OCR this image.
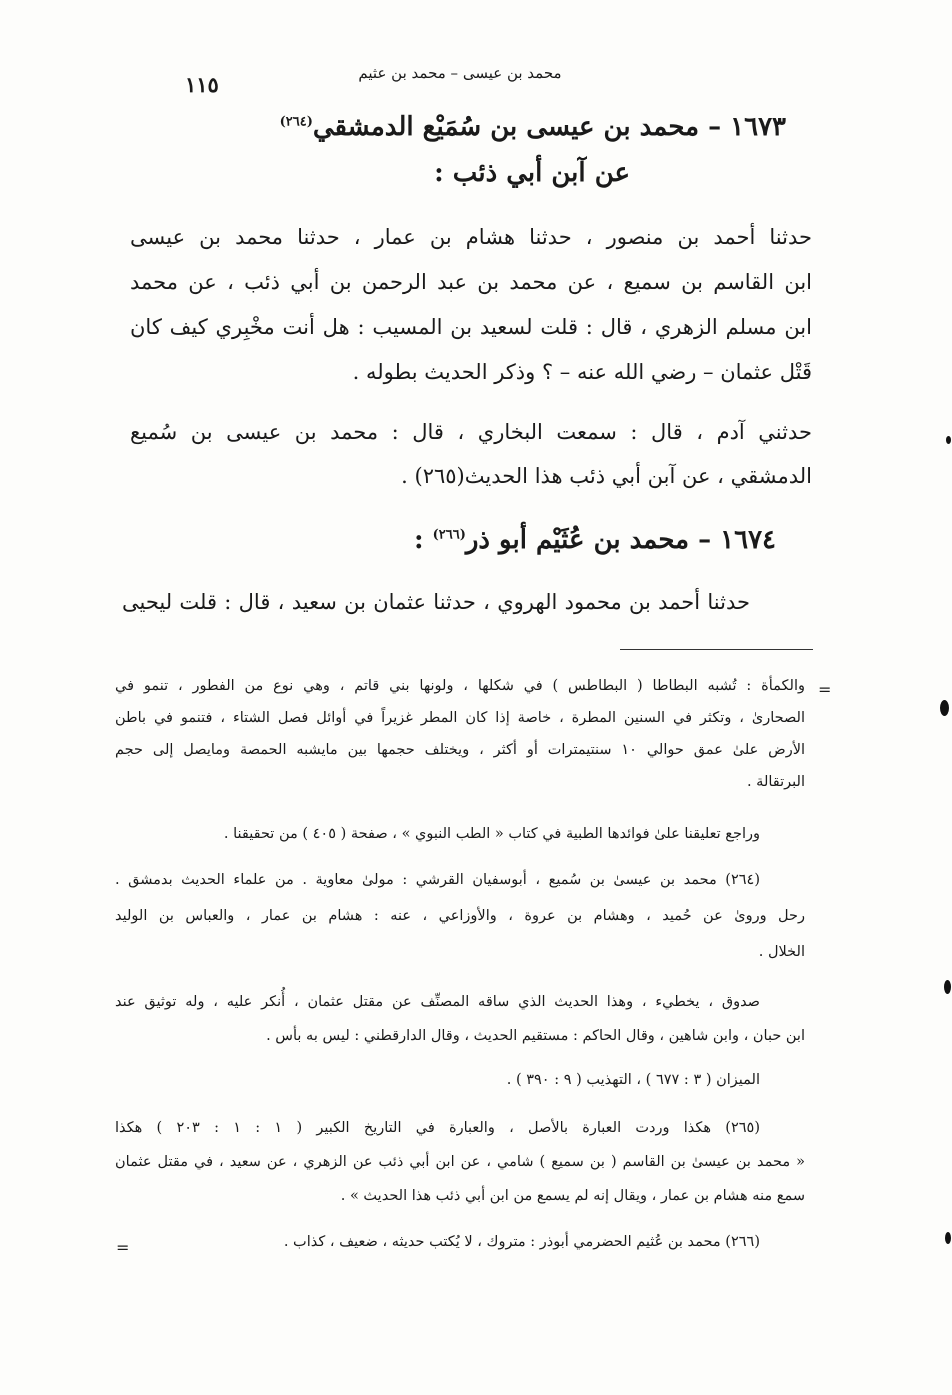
محمد بن عيسى – محمد بن عثيم
١١٥
١٦٧٣ – محمد بن عيسى بن سُمَيْع الدمشقي$^{(٢٦٤)}$
عن آبن أبي ذئب :
حدثنا أحمد بن منصور ، حدثنا هشام بن عمار ، حدثنا محمد بن عيسى
ابن القاسم بن سميع ، عن محمد بن عبد الرحمن بن أبي ذئب ، عن محمد
ابن مسلم الزهري ، قال : قلت لسعيد بن المسيب : هل أنت مخْبِري كيف كان
قَتْل عثمان – رضي الله عنه – ؟ وذكر الحديث بطوله .
حدثني آدم ، قال : سمعت البخاري ، قال : محمد بن عيسى بن سُميع
الدمشقي ، عن آبن أبي ذئب هذا الحديث(٢٦٥) .
١٦٧٤ – محمد بن عُثَيْم أبو ذر$^{(٢٦٦)}$ :
حدثنا أحمد بن محمود الهروي ، حدثنا عثمان بن سعيد ، قال : قلت ليحيى
=
والكمأة : تُشبه البطاطا ( البطاطس ) في شكلها ، ولونها بني قاتم ، وهي نوع من الفطور ، تنمو في
الصحارىٰ ، وتكثر في السنين المطرة ، خاصة إذا كان المطر غزيراً في أوائل فصل الشتاء ، فتنمو في باطن
الأرض علىٰ عمق حوالي ١٠ سنتيمترات أو أكثر ، ويختلف حجمها بين مايشبه الحمصة ومايصل إلى حجم
البرتقالة .
وراجع تعليقنا علىٰ فوائدها الطبية في كتاب « الطب النبوي » ، صفحة ( ٤٠٥ ) من تحقيقنا .
(٢٦٤) محمد بن عيسىٰ بن سُميع ، أبوسفيان القرشي : مولىٰ معاوية . من علماء الحديث بدمشق .
رحل وروىٰ عن حُميد ، وهشام بن عروة ، والأوزاعي ، عنه : هشام بن عمار ، والعباس بن الوليد
الخلال .
صدوق ، يخطيء ، وهذا الحديث الذي ساقه المصنِّف عن مقتل عثمان ، أُنكر عليه ، وله توثيق عند
ابن حبان ، وابن شاهين ، وقال الحاكم : مستقيم الحديث ، وقال الدارقطني : ليس به بأس .
الميزان ( ٣ : ٦٧٧ ) ، التهذيب ( ٩ : ٣٩٠ ) .
(٢٦٥) هكذا وردت العبارة بالأصل ، والعبارة في التاريخ الكبير ( ١ : ١ : ٢٠٣ ) هكذا
« محمد بن عيسىٰ بن القاسم ( بن سميع ) شامي ، عن ابن أبي ذئب عن الزهري ، عن سعيد ، في مقتل عثمان
سمع منه هشام بن عمار ، ويقال إنه لم يسمع من ابن أبي ذئب هذا الحديث » .
(٢٦٦) محمد بن عُثيم الحضرمي أبوذر : متروك ، لا يُكتب حديثه ، ضعيف ، كذاب .
=
